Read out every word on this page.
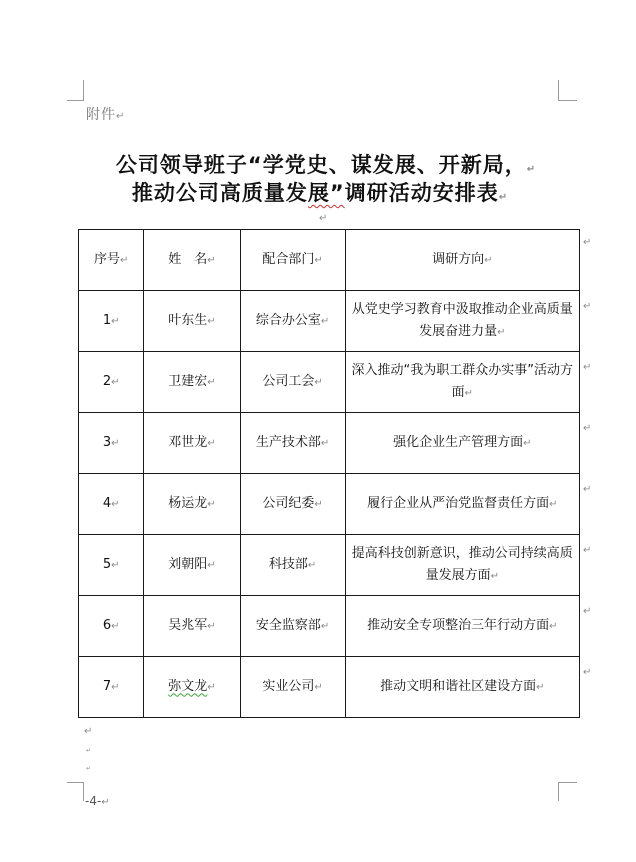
附件↵
公司领导班子“学党史、谋发展、开新局，↵
推动公司高质量发展”调研活动安排表↵
↵
序号↵	姓　名↵	配合部门↵	调研方向↵
1↵	叶东生↵	综合办公室↵	从党史学习教育中汲取推动企业高质量发展奋进力量↵
2↵	卫建宏↵	公司工会↵	深入推动“我为职工群众办实事”活动方面↵
3↵	邓世龙↵	生产技术部↵	强化企业生产管理方面↵
4↵	杨运龙↵	公司纪委↵	履行企业从严治党监督责任方面↵
5↵	刘朝阳↵	科技部↵	提高科技创新意识，推动公司持续高质量发展方面↵
6↵	吴兆军↵	安全监察部↵	推动安全专项整治三年行动方面↵
7↵	弥文龙↵	实业公司↵	推动文明和谐社区建设方面↵
↵
↵
↵
↵
↵
↵
↵
↵
↵
↵
↵
-4-↵
